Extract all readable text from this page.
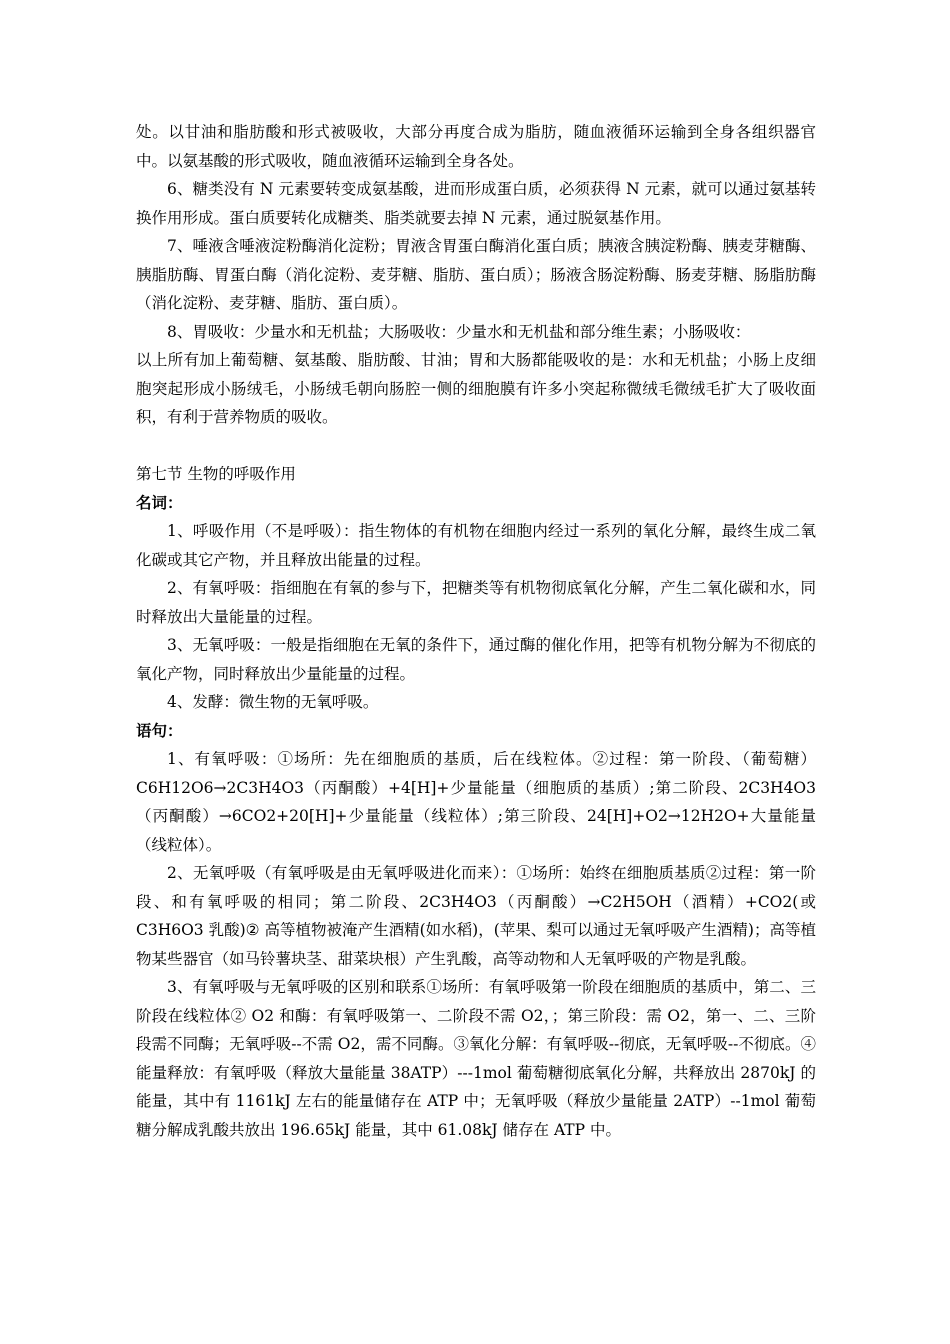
处。以甘油和脂肪酸和形式被吸收，大部分再度合成为脂肪，随血液循环运输到全身各组织器官中。以氨基酸的形式吸收，随血液循环运输到全身各处。

6、糖类没有 N 元素要转变成氨基酸，进而形成蛋白质，必须获得 N 元素，就可以通过氨基转换作用形成。蛋白质要转化成糖类、脂类就要去掉 N 元素，通过脱氨基作用。

7、唾液含唾液淀粉酶消化淀粉；胃液含胃蛋白酶消化蛋白质；胰液含胰淀粉酶、胰麦芽糖酶、胰脂肪酶、胃蛋白酶（消化淀粉、麦芽糖、脂肪、蛋白质）；肠液含肠淀粉酶、肠麦芽糖、肠脂肪酶（消化淀粉、麦芽糖、脂肪、蛋白质）。

8、胃吸收：少量水和无机盐；大肠吸收：少量水和无机盐和部分维生素；小肠吸收：

以上所有加上葡萄糖、氨基酸、脂肪酸、甘油；胃和大肠都能吸收的是：水和无机盐；小肠上皮细胞突起形成小肠绒毛，小肠绒毛朝向肠腔一侧的细胞膜有许多小突起称微绒毛微绒毛扩大了吸收面积，有利于营养物质的吸收。

第七节 生物的呼吸作用

名词：

1、呼吸作用（不是呼吸）：指生物体的有机物在细胞内经过一系列的氧化分解，最终生成二氧化碳或其它产物，并且释放出能量的过程。

2、有氧呼吸：指细胞在有氧的参与下，把糖类等有机物彻底氧化分解，产生二氧化碳和水，同时释放出大量能量的过程。

3、无氧呼吸：一般是指细胞在无氧的条件下，通过酶的催化作用，把等有机物分解为不彻底的氧化产物，同时释放出少量能量的过程。

4、发酵：微生物的无氧呼吸。

语句：

1、有氧呼吸：①场所：先在细胞质的基质，后在线粒体。②过程：第一阶段、（葡萄糖）C6H12O6→2C3H4O3（丙酮酸）+4[H]+少量能量（细胞质的基质）;第二阶段、2C3H4O3（丙酮酸）→6CO2+20[H]+少量能量（线粒体）;第三阶段、24[H]+O2→12H2O+大量能量（线粒体）。

2、无氧呼吸（有氧呼吸是由无氧呼吸进化而来）：①场所：始终在细胞质基质②过程：第一阶段、和有氧呼吸的相同；第二阶段、2C3H4O3（丙酮酸）→C2H5OH（酒精）+CO2(或 C3H6O3 乳酸)② 高等植物被淹产生酒精(如水稻)，(苹果、梨可以通过无氧呼吸产生酒精)；高等植物某些器官（如马铃薯块茎、甜菜块根）产生乳酸，高等动物和人无氧呼吸的产物是乳酸。

3、有氧呼吸与无氧呼吸的区别和联系①场所：有氧呼吸第一阶段在细胞质的基质中，第二、三阶段在线粒体② O2 和酶：有氧呼吸第一、二阶段不需 O2，；第三阶段：需 O2，第一、二、三阶段需不同酶；无氧呼吸--不需 O2，需不同酶。③氧化分解：有氧呼吸--彻底，无氧呼吸--不彻底。④能量释放：有氧呼吸（释放大量能量 38ATP）---1mol 葡萄糖彻底氧化分解，共释放出 2870kJ 的能量，其中有 1161kJ 左右的能量储存在 ATP 中；无氧呼吸（释放少量能量 2ATP）--1mol 葡萄糖分解成乳酸共放出 196.65kJ 能量，其中 61.08kJ 储存在 ATP 中。
